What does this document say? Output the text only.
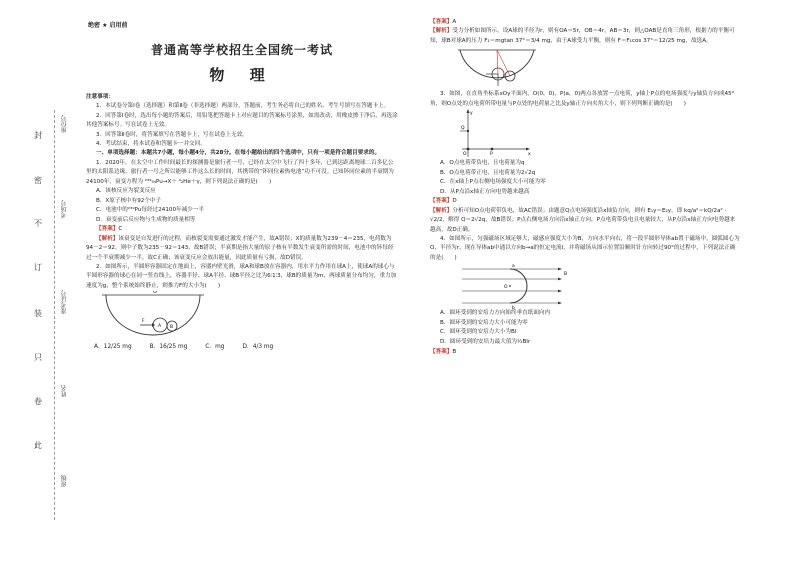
封
密
不
订
装
只
卷
此
座位号
考场号
准考证号
姓名
班级
绝密 ★ 启用前
普通高等学校招生全国统一考试
物 理

注意事项：

1．本试卷分第Ⅰ卷（选择题）和第Ⅱ卷（非选择题）两部分。答题前，考生务必将自己的姓名、考生号填写在答题卡上。

2．回答第Ⅰ卷时，选出每小题的答案后，用铅笔把答题卡上对应题目的答案标号涂黑，如需改动，用橡皮擦干净后，再选涂其他答案标号。写在试卷上无效。

3．回答第Ⅱ卷时，将答案填写在答题卡上，写在试卷上无效。

4．考试结束，将本试卷和答题卡一并交回。

一、单项选择题：本题共7小题，每小题4分，共28分。在每小题给出的四个选项中，只有一项是符合题目要求的。

1．2020年，在太空中工作时间最长的探测器是旅行者一号，已经在太空中飞行了四十多年，已到达距离地球二百多亿公里的太阳系边缘。旅行者一号之所以能够工作这么长的时间，其携带的“钚同位素热电池”功不可没。已知钚同位素的半衰期为24100年，衰变方程为 ²³⁹₉₄Pu→X＋ ⁴₂He＋γ，则下列说法正确的是(　　)

A．该核反应为裂变反应

B．X原子核中有92个中子

C．电池中的²³⁹Pu每经过24100年减少一半

D．衰变前后反应物与生成物的质量相等

【答案】C

【解析】该衰变是自发进行的过程，而核裂变需要通过激发才能产生，故A错误；X的质量数为239－4＝235，电荷数为94－2＝92，则中子数为235－92＝143，故B错误；半衰期是指大量的原子核有半数发生衰变所需的时间，电池中的钚每经过一个半衰期减少一半，故C正确；该衰变反应会放出能量，因此质量有亏损，故D错误。

2．如图所示，半圆形容器固定在地面上，容器内壁光滑，球A和球B放在容器内，用水平力作用在球A上，使球A的球心与半圆形容器的球心在同一竖直线上，容器半径、球A半径、球B半径之比为6∶1∶3，球B的质量为m，两球质量分布均匀，重力加速度为g，整个系统始终静止，则推力F的大小为(　　)

O
A B
F
A．12/25 mg	B．16/25 mg	C．mg	D．4/3 mg

【答案】A

【解析】受力分析如图所示，设A球的半径为r，则有OA＝5r，OB＝4r，AB＝3r，则△OAB是直角三角形，根据力的平衡可知，球B对球A的压力 F₁＝mgtan 37°＝3/4 mg，由于A球受力平衡，则有 F＝F₁cos 37°＝12/25 mg，故选A。

3．如图，在直角坐标系xOy平面内，O(0，0)、P(a，0)两点各放置一点电荷，y轴上P点的电场强度与y轴负方向成45°角，则O点处的点电荷所带电量与P点处的电荷量之比及y轴正方向夹角大小，则下列判断正确的是(　　)

y
Q
O	P	x

A．O点电荷带负电，且电荷量为q

B．O点电荷带正电，且电荷量为2√2q

C．在x轴上P点右侧电场强度大小可能为零

D．从P点沿x轴正方向电势越来越高

【答案】D

【解析】分析可知O点电荷带负电，故AC错误；由题意Q点电场强度沿x轴负方向，则有 E₁y＝E₂y，即 kq/a²＝kQ/2a² · √2/2，解得 Q＝2√2q，故B错误；P点右侧电场方向沿x轴正方向，P点电荷带负电且电量较大，从P点沿x轴正方向电势越来越高，故D正确。

4．如图所示，匀强磁场区域足够大，磁感应强度大小为B，方向水平向右，将一段半圆形导体ab置于磁场中，圆弧圆心为O，半径为r，现在导体ab中通以方向b→a的恒定电流I，并将磁场从图示位置沿顺时针方向转过90°的过程中，下列说法正确的是(　　)

B
O
a
b

A．圆环受到的安培力方向始终垂直纸面向内

B．圆环受到的安培力大小可能为零

C．圆环受到的安培力大小为Bl

D．圆环受到的安培力最大值为½BIr

【答案】B
